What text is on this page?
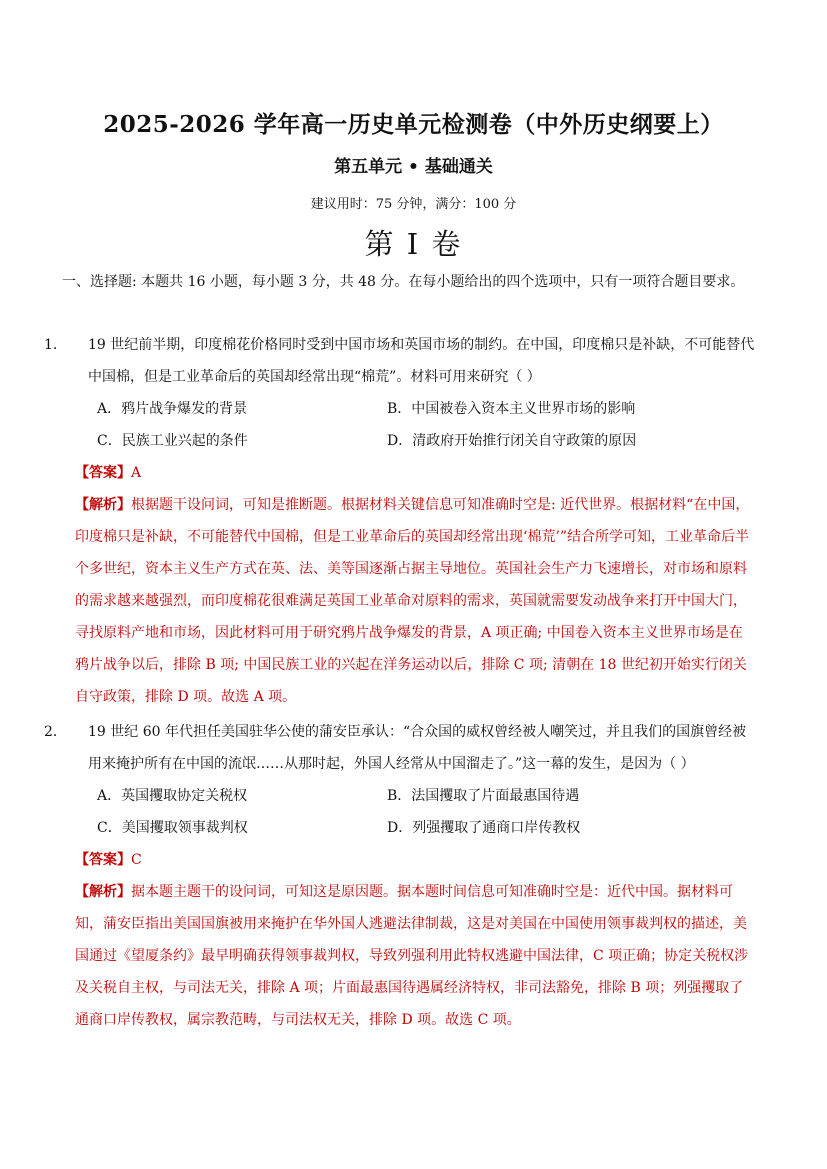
2025-2026 学年高一历史单元检测卷（中外历史纲要上）
第五单元 • 基础通关
建议用时：75 分钟，满分：100 分
第 I 卷
一、选择题: 本题共 16 小题，每小题 3 分，共 48 分。在每小题给出的四个选项中，只有一项符合题目要求。
1． 19 世纪前半期，印度棉花价格同时受到中国市场和英国市场的制约。在中国，印度棉只是补缺，不可能替代中国棉，但是工业革命后的英国却经常出现“棉荒”。材料可用来研究（ ）
A．鸦片战争爆发的背景	B．中国被卷入资本主义世界市场的影响
C．民族工业兴起的条件	D．清政府开始推行闭关自守政策的原因
【答案】A
【解析】根据题干设问词，可知是推断题。根据材料关键信息可知准确时空是: 近代世界。根据材料“在中国，印度棉只是补缺，不可能替代中国棉，但是工业革命后的英国却经常出现‘棉荒’”结合所学可知，工业革命后半个多世纪，资本主义生产方式在英、法、美等国逐渐占据主导地位。英国社会生产力飞速增长，对市场和原料的需求越来越强烈，而印度棉花很难满足英国工业革命对原料的需求，英国就需要发动战争来打开中国大门，寻找原料产地和市场，因此材料可用于研究鸦片战争爆发的背景，A 项正确; 中国卷入资本主义世界市场是在鸦片战争以后，排除 B 项; 中国民族工业的兴起在洋务运动以后，排除 C 项; 清朝在 18 世纪初开始实行闭关自守政策，排除 D 项。故选 A 项。
2． 19 世纪 60 年代担任美国驻华公使的蒲安臣承认：“合众国的威权曾经被人嘲笑过，并且我们的国旗曾经被用来掩护所有在中国的流氓……从那时起，外国人经常从中国溜走了。”这一幕的发生，是因为（ ）
A．英国攫取协定关税权	B．法国攫取了片面最惠国待遇
C．美国攫取领事裁判权	D．列强攫取了通商口岸传教权
【答案】C
【解析】据本题主题干的设问词，可知这是原因题。据本题时间信息可知准确时空是：近代中国。据材料可知，蒲安臣指出美国国旗被用来掩护在华外国人逃避法律制裁，这是对美国在中国使用领事裁判权的描述，美国通过《望厦条约》最早明确获得领事裁判权，导致列强利用此特权逃避中国法律，C 项正确；协定关税权涉及关税自主权，与司法无关，排除 A 项；片面最惠国待遇属经济特权，非司法豁免，排除 B 项；列强攫取了通商口岸传教权，属宗教范畴，与司法权无关，排除 D 项。故选 C 项。
